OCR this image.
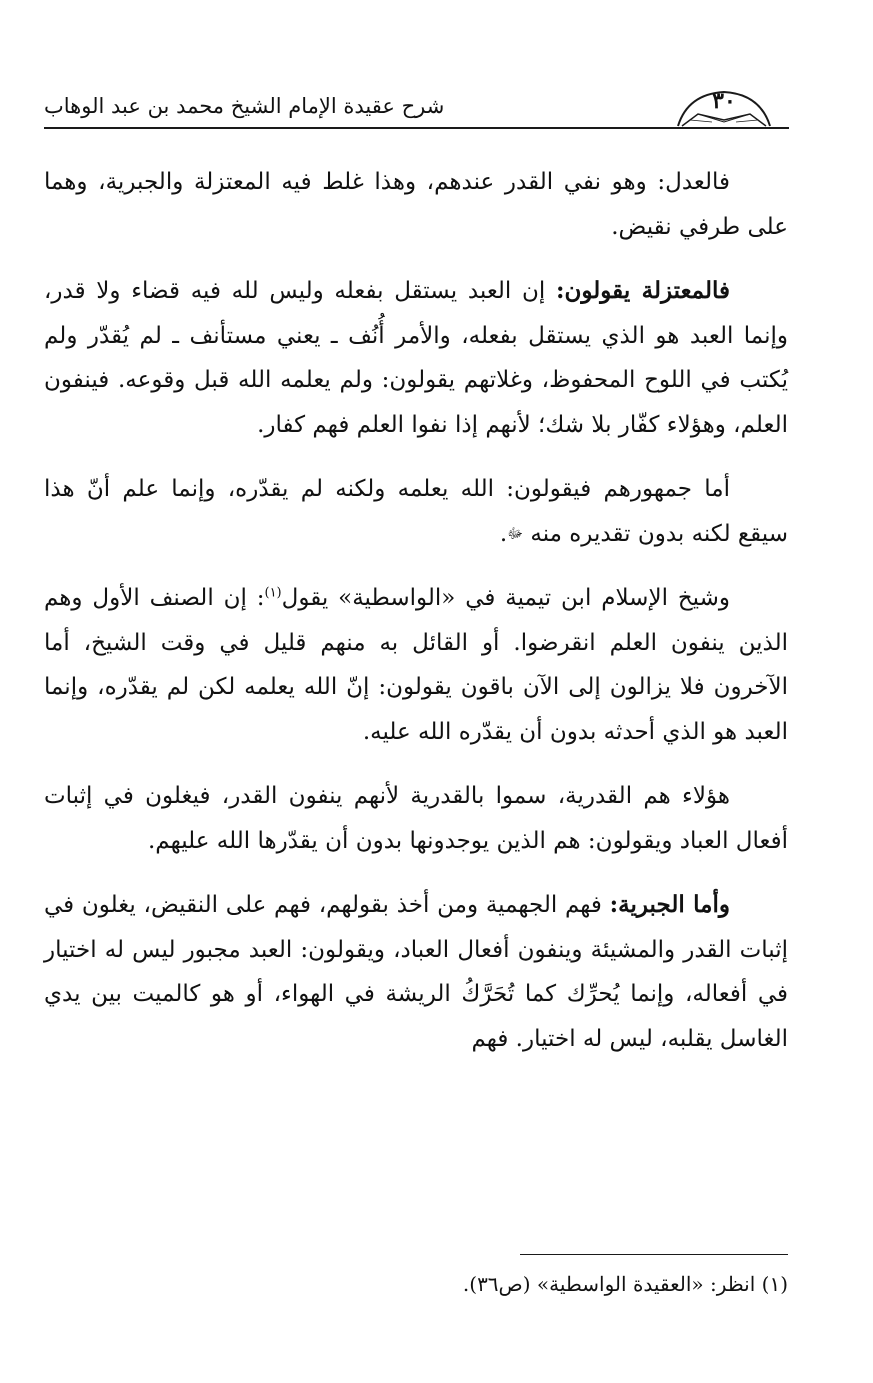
٣٠
شرح عقيدة الإمام الشيخ محمد بن عبد الوهاب

فالعدل: وهو نفي القدر عندهم، وهذا غلط فيه المعتزلة والجبرية، وهما على طرفي نقيض.

فالمعتزلة يقولون: إن العبد يستقل بفعله وليس لله فيه قضاء ولا قدر، وإنما العبد هو الذي يستقل بفعله، والأمر أُنُف ـ يعني مستأنف ـ لم يُقدّر ولم يُكتب في اللوح المحفوظ، وغلاتهم يقولون: ولم يعلمه الله قبل وقوعه. فينفون العلم، وهؤلاء كفّار بلا شك؛ لأنهم إذا نفوا العلم فهم كفار.

أما جمهورهم فيقولون: الله يعلمه ولكنه لم يقدّره، وإنما علم أنّ هذا سيقع لكنه بدون تقديره منه ﷻ.

وشيخ الإسلام ابن تيمية في «الواسطية» يقول$^{(١)}$: إن الصنف الأول وهم الذين ينفون العلم انقرضوا. أو القائل به منهم قليل في وقت الشيخ، أما الآخرون فلا يزالون إلى الآن باقون يقولون: إنّ الله يعلمه لكن لم يقدّره، وإنما العبد هو الذي أحدثه بدون أن يقدّره الله عليه.

هؤلاء هم القدرية، سموا بالقدرية لأنهم ينفون القدر، فيغلون في إثبات أفعال العباد ويقولون: هم الذين يوجدونها بدون أن يقدّرها الله عليهم.

وأما الجبرية: فهم الجهمية ومن أخذ بقولهم، فهم على النقيض، يغلون في إثبات القدر والمشيئة وينفون أفعال العباد، ويقولون: العبد مجبور ليس له اختيار في أفعاله، وإنما يُحرِّك كما تُحَرَّكُ الريشة في الهواء، أو هو كالميت بين يدي الغاسل يقلبه، ليس له اختيار. فهم

(١) انظر: «العقيدة الواسطية» (ص٣٦).
